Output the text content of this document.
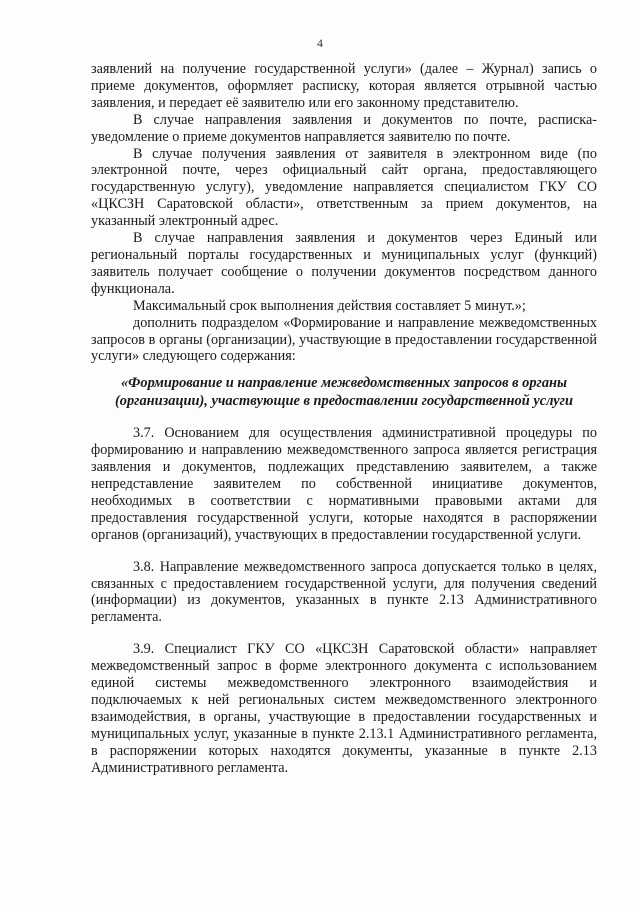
4

заявлений на получение государственной услуги» (далее – Журнал) запись о приеме документов, оформляет расписку, которая является отрывной частью заявления, и передает её заявителю или его законному представителю.

В случае направления заявления и документов по почте, расписка-уведомление о приеме документов направляется заявителю по почте.

В случае получения заявления от заявителя в электронном виде (по электронной почте, через официальный сайт органа, предоставляющего государственную услугу), уведомление направляется специалистом ГКУ СО «ЦКСЗН Саратовской области», ответственным за прием документов, на указанный электронный адрес.

В случае направления заявления и документов через Единый или региональный порталы государственных и муниципальных услуг (функций) заявитель получает сообщение о получении документов посредством данного функционала.

Максимальный срок выполнения действия составляет 5 минут.»;

дополнить подразделом «Формирование и направление межведомственных запросов в органы (организации), участвующие в предоставлении государственной услуги» следующего содержания:

«Формирование и направление межведомственных запросов в органы (организации), участвующие в предоставлении государственной услуги

3.7. Основанием для осуществления административной процедуры по формированию и направлению межведомственного запроса является регистрация заявления и документов, подлежащих представлению заявителем, а также непредставление заявителем по собственной инициативе документов, необходимых в соответствии с нормативными правовыми актами для предоставления государственной услуги, которые находятся в распоряжении органов (организаций), участвующих в предоставлении государственной услуги.

3.8. Направление межведомственного запроса допускается только в целях, связанных с предоставлением государственной услуги, для получения сведений (информации) из документов, указанных в пункте 2.13 Административного регламента.

3.9. Специалист ГКУ СО «ЦКСЗН Саратовской области» направляет межведомственный запрос в форме электронного документа с использованием единой системы межведомственного электронного взаимодействия и подключаемых к ней региональных систем межведомственного электронного взаимодействия, в органы, участвующие в предоставлении государственных и муниципальных услуг, указанные в пункте 2.13.1 Административного регламента, в распоряжении которых находятся документы, указанные в пункте 2.13 Административного регламента.
